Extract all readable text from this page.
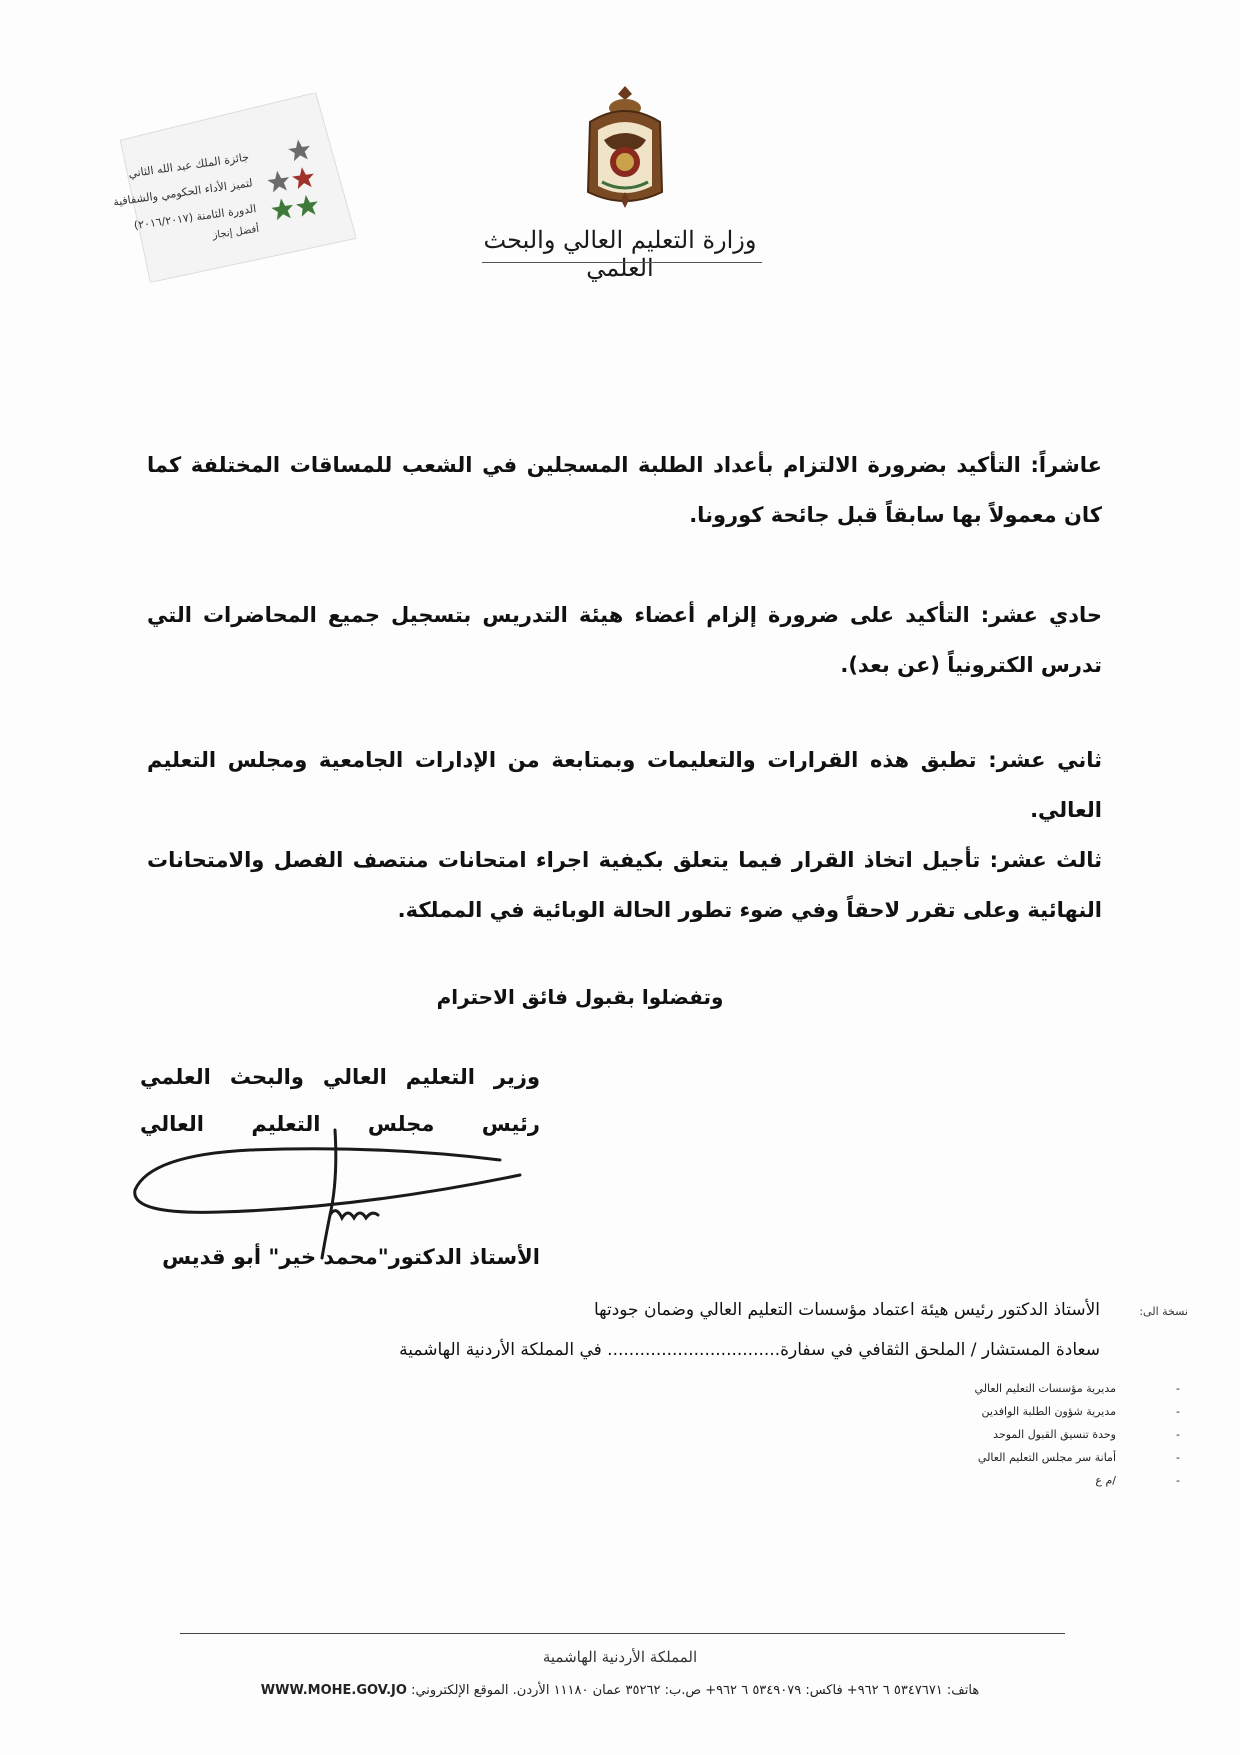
جائزة الملك عبد الله الثاني
لتميز الأداء الحكومي والشفافية
الدورة الثامنة (٢٠١٦/٢٠١٧)
أفضل إنجاز	وزارة التعليم العالي والبحث العلمي
عاشراً: التأكيد بضرورة الالتزام بأعداد الطلبة المسجلين في الشعب للمساقات المختلفة كما كان معمولاً بها سابقاً قبل جائحة كورونا.
حادي عشر: التأكيد على ضرورة إلزام أعضاء هيئة التدريس بتسجيل جميع المحاضرات التي تدرس الكترونياً (عن بعد).
ثاني عشر: تطبق هذه القرارات والتعليمات وبمتابعة من الإدارات الجامعية ومجلس التعليم العالي.
ثالث عشر: تأجيل اتخاذ القرار فيما يتعلق بكيفية اجراء امتحانات منتصف الفصل والامتحانات النهائية وعلى تقرر لاحقاً وفي ضوء تطور الحالة الوبائية في المملكة.
وتفضلوا بقبول فائق الاحترام
وزير التعليم العالي والبحث العلمي
رئيس مجلس التعليم العالي
الأستاذ الدكتور"محمد خير" أبو قديس
نسخة الى:
الأستاذ الدكتور رئيس هيئة اعتماد مؤسسات التعليم العالي وضمان جودتها
سعادة المستشار / الملحق الثقافي في سفارة................................ في المملكة الأردنية الهاشمية
-
مديرية مؤسسات التعليم العالي
-
مديرية شؤون الطلبة الوافدين
-
وحدة تنسيق القبول الموحد
-
أمانة سر مجلس التعليم العالي
-
/م ع
المملكة الأردنية الهاشمية
هاتف: ٥٣٤٧٦٧١ ٦ ٩٦٢+ فاكس: ٥٣٤٩٠٧٩ ٦ ٩٦٢+ ص.ب: ٣٥٢٦٢ عمان ١١١٨٠ الأردن. الموقع الإلكتروني: WWW.MOHE.GOV.JO
